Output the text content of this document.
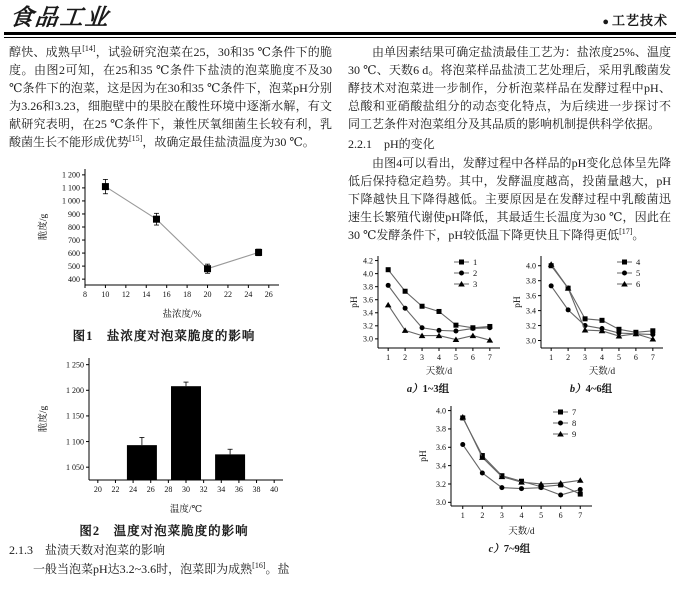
食品工业	● 工艺技术

醇快、成熟早[14]，试验研究泡菜在25，30和35 ℃条件下的脆度。由图2可知，在25和35 ℃条件下盐渍的泡菜脆度不及30 ℃条件下的泡菜，这是因为在30和35 ℃条件下，泡菜pH分别为3.26和3.23，细胞壁中的果胶在酸性环境中逐渐水解，有文献研究表明，在25 ℃条件下，兼性厌氧细菌生长较有利，乳酸菌生长不能形成优势[15]，故确定最佳盐渍温度为30 ℃。

8 10 12 14 16 18 20 22 24 26
400
500
600
700
800
900
1 000
1 100
1 200
盐浓度/%
脆度/g
图1　盐浓度对泡菜脆度的影响
20 22 24 26 28 30 32 34 36 38 40
1 050
1 100
1 150
1 200
1 250
温度/℃
脆度/g
图2　温度对泡菜脆度的影响
2.1.3　盐渍天数对泡菜的影响

一般当泡菜pH达3.2~3.6时，泡菜即为成熟[16]。盐

由单因素结果可确定盐渍最佳工艺为：盐浓度25%、温度30 ℃、天数6 d。将泡菜样品盐渍工艺处理后，采用乳酸菌发酵技术对泡菜进一步制作，分析泡菜样品在发酵过程中pH、总酸和亚硝酸盐组分的动态变化特点，为后续进一步探讨不同工艺条件对泡菜组分及其品质的影响机制提供科学依据。

2.2.1　pH的变化

由图4可以看出，发酵过程中各样品的pH变化总体呈先降低后保持稳定趋势。其中，发酵温度越高，投菌量越大，pH下降越快且下降得越低。主要原因是在发酵过程中乳酸菌迅速生长繁殖代谢使pH降低，其最适生长温度为30 ℃，因此在30 ℃发酵条件下，pH较低温下降更快且下降得更低[17]。

1 2 3 4 5 6 7
3.0
3.2
3.4
3.6
3.8
4.0
4.2
天数/d
pH
1
2
3
a）1~3组
1 2 3 4 5 6 7
3.0
3.2
3.4
3.6
3.8
4.0
天数/d
pH
4
5
6
b）4~6组
1 2 3 4 5 6 7
3.0
3.2
3.4
3.6
3.8
4.0
天数/d
pH
7
8
9
c）7~9组
